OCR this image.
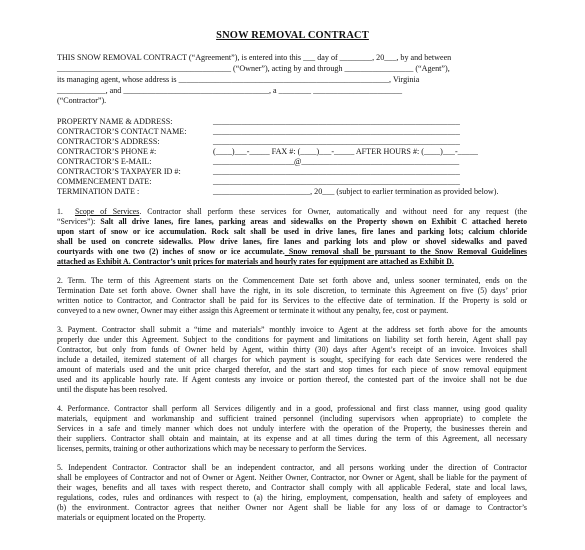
SNOW REMOVAL CONTRACT
THIS SNOW REMOVAL CONTRACT (“Agreement”), is entered into this ___ day of ________, 20___, by and between
___________________________________________ (“Owner”), acting by and through _________________ (“Agent”),
its managing agent, whose address is ____________________________________________________, Virginia
____________, and ____________________________________, a ________ ______________________
(“Contractor”).
PROPERTY NAME & ADDRESS:	_____________________________________________________________
CONTRACTOR’S CONTACT NAME:	_____________________________________________________________
CONTRACTOR’S ADDRESS:	_____________________________________________________________
CONTRACTOR’S PHONE #:	(____)___-_____ FAX #: (____)___-_____ AFTER HOURS #: (____)___-_____
CONTRACTOR’S E-MAIL:	____________________@_______________________________________
CONTRACTOR’S TAXPAYER ID #:	_____________________________________________________________
COMMENCEMENT DATE:	_____________________________________________________________
TERMINATION DATE :	________________________, 20___ (subject to earlier termination as provided below).
1. Scope of Services. Contractor shall perform these services for Owner, automatically and without need for any request (the
“Services”): Salt all drive lanes, fire lanes, parking areas and sidewalks on the Property shown on Exhibit C attached hereto
upon start of snow or ice accumulation. Rock salt shall be used in drive lanes, fire lanes and parking lots; calcium chloride
shall be used on concrete sidewalks. Plow drive lanes, fire lanes and parking lots and plow or shovel sidewalks and paved
courtyards with one two (2) inches of snow or ice accumulate. Snow removal shall be pursuant to the Snow Removal Guidelines
attached as Exhibit A. Contractor’s unit prices for materials and hourly rates for equipment are attached as Exhibit D.
2. Term. The term of this Agreement starts on the Commencement Date set forth above and, unless sooner terminated, ends on the
Termination Date set forth above. Owner shall have the right, in its sole discretion, to terminate this Agreement on five (5) days’ prior
written notice to Contractor, and Contractor shall be paid for its Services to the effective date of termination. If the Property is sold or
conveyed to a new owner, Owner may either assign this Agreement or terminate it without any penalty, fee, cost or payment.
3. Payment. Contractor shall submit a “time and materials” monthly invoice to Agent at the address set forth above for the amounts
properly due under this Agreement. Subject to the conditions for payment and limitations on liability set forth herein, Agent shall pay
Contractor, but only from funds of Owner held by Agent, within thirty (30) days after Agent’s receipt of an invoice. Invoices shall
include a detailed, itemized statement of all charges for which payment is sought, specifying for each date Services were rendered the
amount of materials used and the unit price charged therefor, and the start and stop times for each piece of snow removal equipment
used and its applicable hourly rate. If Agent contests any invoice or portion thereof, the contested part of the invoice shall not be due
until the dispute has been resolved.
4. Performance. Contractor shall perform all Services diligently and in a good, professional and first class manner, using good quality
materials, equipment and workmanship and sufficient trained personnel (including supervisors when appropriate) to complete the
Services in a safe and timely manner which does not unduly interfere with the operation of the Property, the businesses therein and
their suppliers. Contractor shall obtain and maintain, at its expense and at all times during the term of this Agreement, all necessary
licenses, permits, training or other authorizations which may be necessary to perform the Services.
5. Independent Contractor. Contractor shall be an independent contractor, and all persons working under the direction of Contractor
shall be employees of Contractor and not of Owner or Agent. Neither Owner, Contractor, nor Owner or Agent, shall be liable for the payment of
their wages, benefits and all taxes with respect thereto, and Contractor shall comply with all applicable Federal, state and local laws,
regulations, codes, rules and ordinances with respect to (a) the hiring, employment, compensation, health and safety of employees and
(b) the environment. Contractor agrees that neither Owner nor Agent shall be liable for any loss of or damage to Contractor’s
materials or equipment located on the Property.
